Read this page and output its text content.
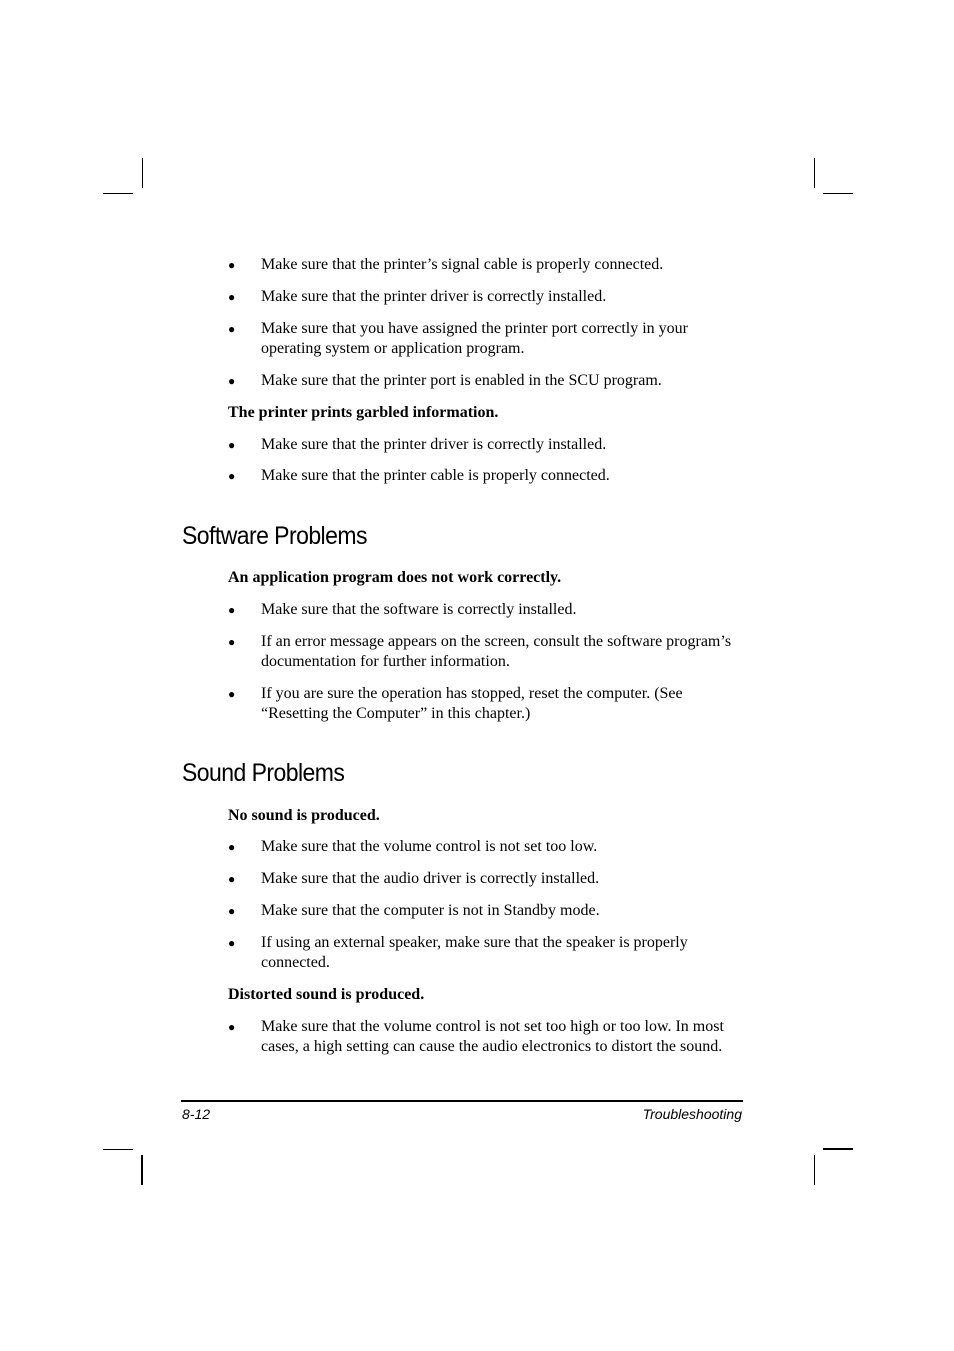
● Make sure that the printer’s signal cable is properly connected.
● Make sure that the printer driver is correctly installed.
● Make sure that you have assigned the printer port correctly in your operating system or application program.
● Make sure that the printer port is enabled in the SCU program.
The printer prints garbled information.
● Make sure that the printer driver is correctly installed.
● Make sure that the printer cable is properly connected.
Software Problems
An application program does not work correctly.
● Make sure that the software is correctly installed.
● If an error message appears on the screen, consult the software program’s documentation for further information.
● If you are sure the operation has stopped, reset the computer. (See “Resetting the Computer” in this chapter.)
Sound Problems
No sound is produced.
● Make sure that the volume control is not set too low.
● Make sure that the audio driver is correctly installed.
● Make sure that the computer is not in Standby mode.
● If using an external speaker, make sure that the speaker is properly connected.
Distorted sound is produced.
● Make sure that the volume control is not set too high or too low. In most cases, a high setting can cause the audio electronics to distort the sound.
8-12	Troubleshooting
